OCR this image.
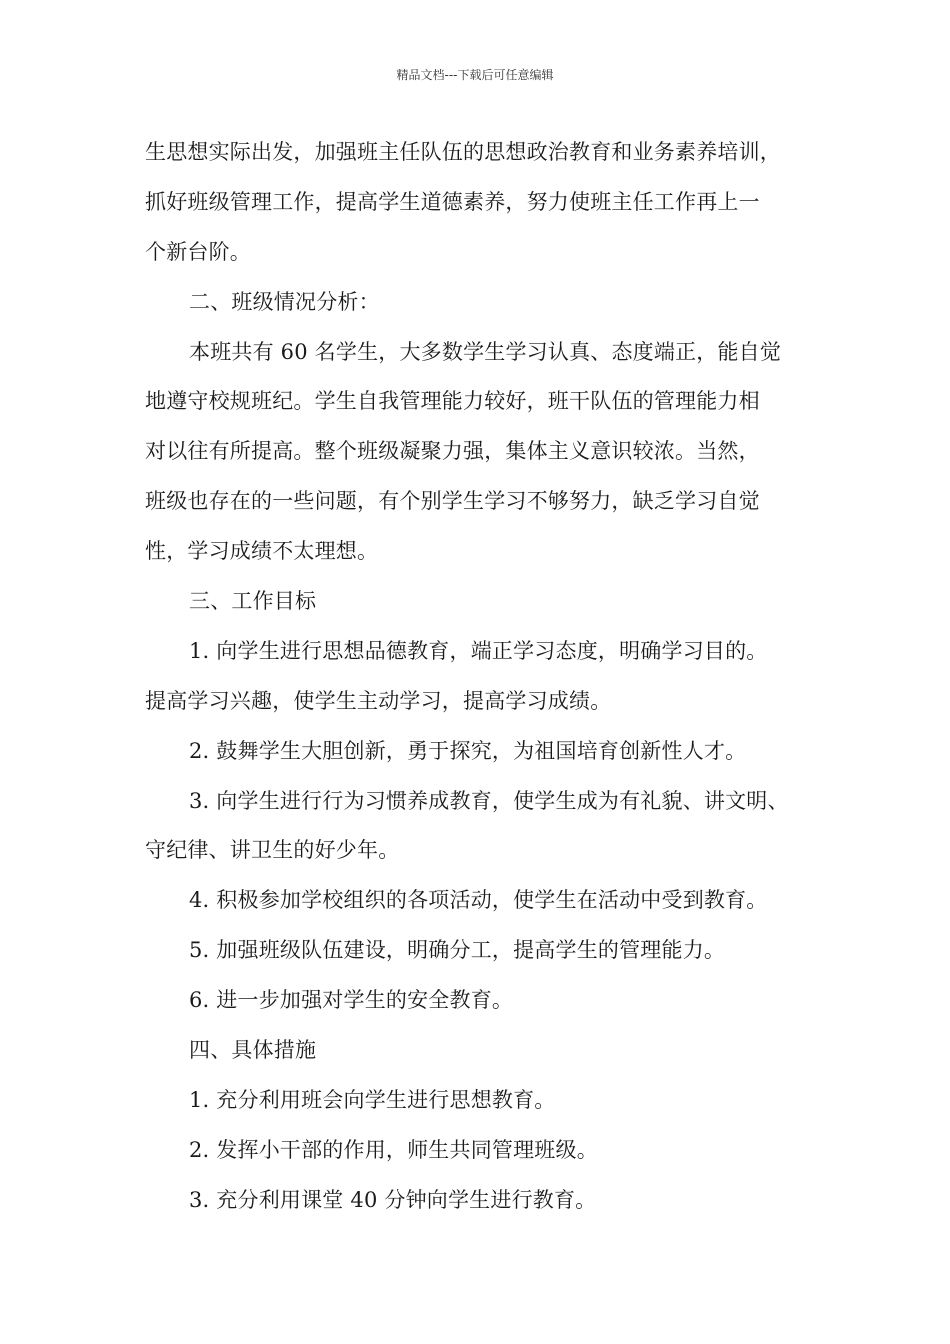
精品文档---下载后可任意编辑
生思想实际出发，加强班主任队伍的思想政治教育和业务素养培训，
抓好班级管理工作，提高学生道德素养，努力使班主任工作再上一
个新台阶。
二、班级情况分析：
本班共有 60 名学生，大多数学生学习认真、态度端正，能自觉
地遵守校规班纪。学生自我管理能力较好，班干队伍的管理能力相
对以往有所提高。整个班级凝聚力强，集体主义意识较浓。当然，
班级也存在的一些问题，有个别学生学习不够努力，缺乏学习自觉
性，学习成绩不太理想。
三、工作目标
1. 向学生进行思想品德教育，端正学习态度，明确学习目的。
提高学习兴趣，使学生主动学习，提高学习成绩。
2. 鼓舞学生大胆创新，勇于探究，为祖国培育创新性人才。
3. 向学生进行行为习惯养成教育，使学生成为有礼貌、讲文明、
守纪律、讲卫生的好少年。
4. 积极参加学校组织的各项活动，使学生在活动中受到教育。
5. 加强班级队伍建设，明确分工，提高学生的管理能力。
6. 进一步加强对学生的安全教育。
四、具体措施
1. 充分利用班会向学生进行思想教育。
2. 发挥小干部的作用，师生共同管理班级。
3. 充分利用课堂 40 分钟向学生进行教育。
